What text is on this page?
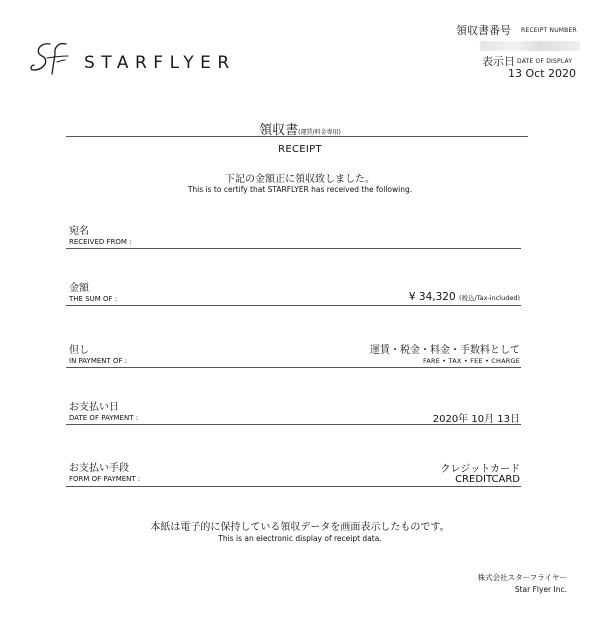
STARFLYER
領収書番号 RECEIPT NUMBER
表示日 DATE OF DISPLAY
13 Oct 2020
領収書(運賃/料金専用)
RECEIPT
下記の金額正に領収致しました。
This is to certify that STARFLYER has received the following.
宛名
RECEIVED FROM :
金額
THE SUM OF :	¥ 34,320 (税込/Tax-included)
但し
IN PAYMENT OF :
運賃・税金・料金・手数料として
FARE • TAX • FEE • CHARGE
お支払い日
DATE OF PAYMENT :	2020年 10月 13日
お支払い手段
FORM OF PAYMENT :
クレジットカード
CREDITCARD
本紙は電子的に保持している領収データを画面表示したものです。
This is an electronic display of receipt data.
株式会社スターフライヤー
Star Flyer Inc.
